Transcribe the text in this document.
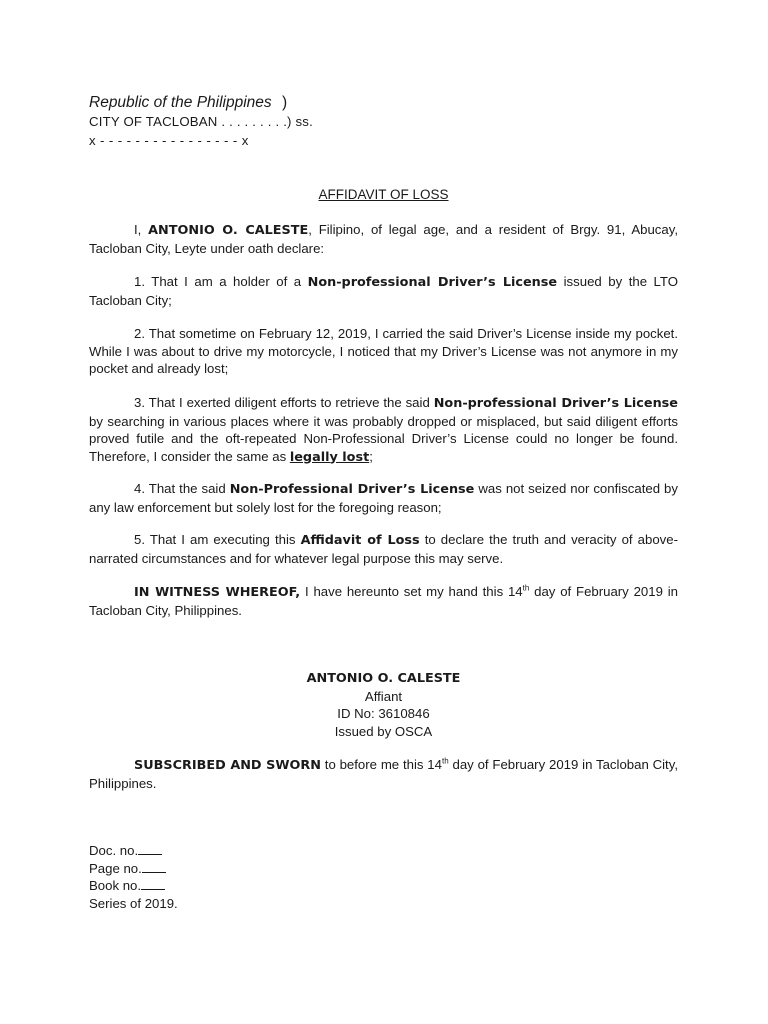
Republic of the Philippines )
CITY OF TACLOBAN . . . . . . . . .) ss.
x - - - - - - - - - - - - - - - - x
AFFIDAVIT OF LOSS

I, ANTONIO O. CALESTE, Filipino, of legal age, and a resident of Brgy. 91, Abucay, Tacloban City, Leyte under oath declare:

1. That I am a holder of a Non-professional Driver’s License issued by the LTO Tacloban City;

2. That sometime on February 12, 2019, I carried the said Driver’s License inside my pocket. While I was about to drive my motorcycle, I noticed that my Driver’s License was not anymore in my pocket and already lost;

3. That I exerted diligent efforts to retrieve the said Non-professional Driver’s License by searching in various places where it was probably dropped or misplaced, but said diligent efforts proved futile and the oft-repeated Non-Professional Driver’s License could no longer be found. Therefore, I consider the same as legally lost;

4. That the said Non-Professional Driver’s License was not seized nor confiscated by any law enforcement but solely lost for the foregoing reason;

5. That I am executing this Affidavit of Loss to declare the truth and veracity of above-narrated circumstances and for whatever legal purpose this may serve.

IN WITNESS WHEREOF, I have hereunto set my hand this 14th day of February 2019 in Tacloban City, Philippines.

ANTONIO O. CALESTE
Affiant
ID No: 3610846
Issued by OSCA

SUBSCRIBED AND SWORN to before me this 14th day of February 2019 in Tacloban City, Philippines.

Doc. no.
Page no.
Book no.
Series of 2019.
